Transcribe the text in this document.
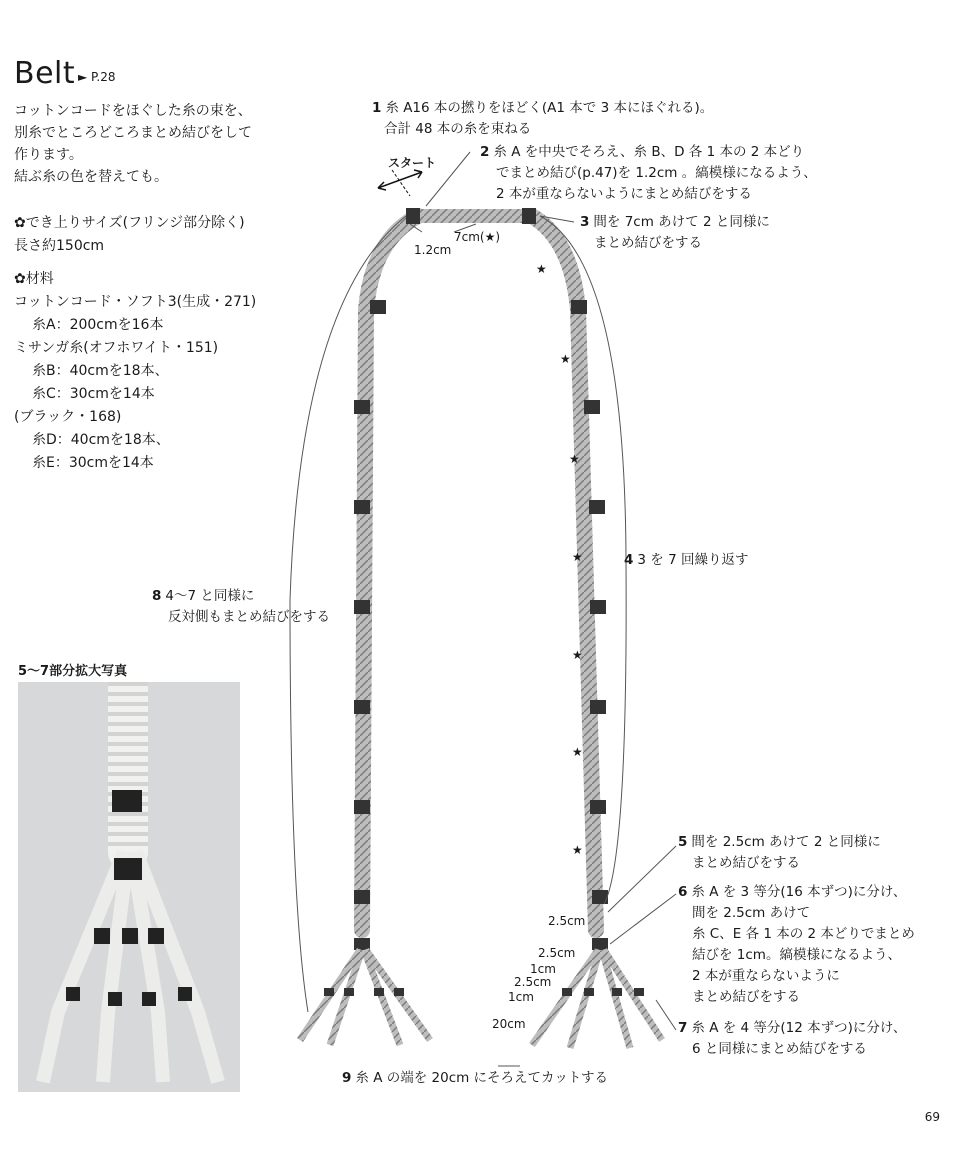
Belt ► P.28
コットンコードをほぐした糸の束を、
別糸でところどころまとめ結びをして
作ります。
結ぶ糸の色を替えても。
✿でき上りサイズ(フリンジ部分除く)
長さ約150cm
✿材料
コットンコード・ソフト3(生成・271)
糸A：200cmを16本
ミサンガ糸(オフホワイト・151)
糸B：40cmを18本、
糸C：30cmを14本
(ブラック・168)
糸D：40cmを18本、
糸E：30cmを14本
★
★
★
★
★
★
★
スタート
1.2cm
7cm(★)
2.5cm
2.5cm
1cm
2.5cm
1cm
20cm
1 糸 A16 本の撚りをほどく(A1 本で 3 本にほぐれる)。
合計 48 本の糸を束ねる
2 糸 A を中央でそろえ、糸 B、D 各 1 本の 2 本どり
でまとめ結び(p.47)を 1.2cm 。縞模様になるよう、
2 本が重ならないようにまとめ結びをする
3 間を 7cm あけて 2 と同様に
まとめ結びをする
4 3 を 7 回繰り返す
5 間を 2.5cm あけて 2 と同様に
まとめ結びをする
6 糸 A を 3 等分(16 本ずつ)に分け、
間を 2.5cm あけて
糸 C、E 各 1 本の 2 本どりでまとめ
結びを 1cm。縞模様になるよう、
2 本が重ならないように
まとめ結びをする
7 糸 A を 4 等分(12 本ずつ)に分け、
6 と同様にまとめ結びをする
8 4〜7 と同様に
反対側もまとめ結びをする
9 糸 A の端を 20cm にそろえてカットする
5〜7部分拡大写真
69
